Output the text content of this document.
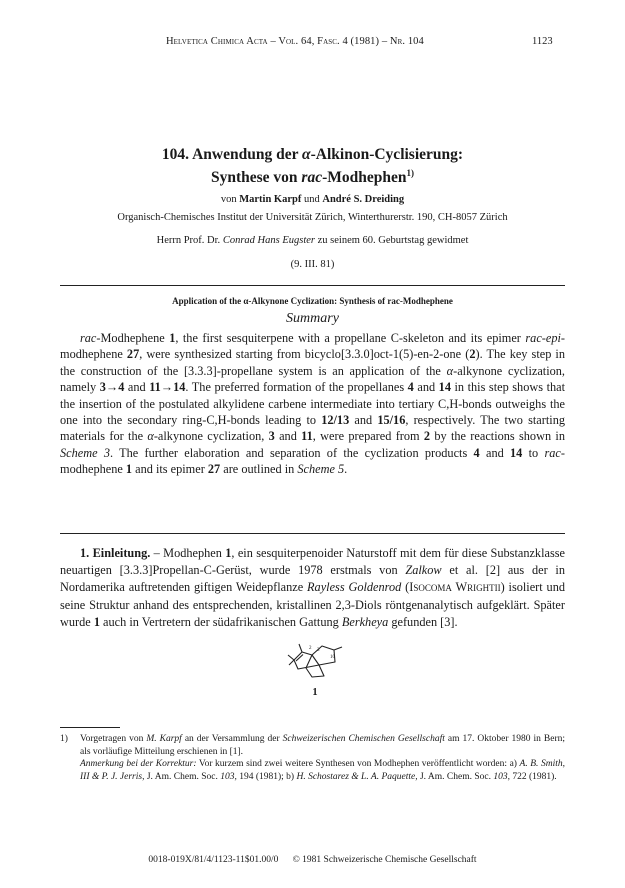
Helvetica Chimica Acta – Vol. 64, Fasc. 4 (1981) – Nr. 104	1123
104. Anwendung der α-Alkinon-Cyclisierung:
Synthese von rac-Modhephen$^{1)}$
von Martin Karpf und André S. Dreiding
Organisch-Chemisches Institut der Universität Zürich, Winterthurerstr. 190, CH-8057 Zürich
Herrn Prof. Dr. Conrad Hans Eugster zu seinem 60. Geburtstag gewidmet
(9. III. 81)
Application of the α-Alkynone Cyclization: Synthesis of rac-Modhephene
Summary

rac-Modhephene 1, the first sesquiterpene with a propellane C-skeleton and its epimer rac-epi-modhephene 27, were synthesized starting from bicyclo[3.3.0]oct-1(5)-en-2-one (2). The key step in the construction of the [3.3.3]-propellane system is an application of the α-alkynone cyclization, namely 3→4 and 11→14. The preferred formation of the propellanes 4 and 14 in this step shows that the insertion of the postulated alkylidene carbene intermediate into tertiary C,H-bonds outweighs the one into the secondary ring-C,H-bonds leading to 12/13 and 15/16, respectively. The two starting materials for the α-alkynone cyclization, 3 and 11, were prepared from 2 by the reactions shown in Scheme 3. The further elaboration and separation of the cyclization products 4 and 14 to rac-modhephene 1 and its epimer 27 are outlined in Scheme 5.

1. Einleitung. – Modhephen 1, ein sesquiterpenoider Naturstoff mit dem für diese Substanzklasse neuartigen [3.3.3]Propellan-C-Gerüst, wurde 1978 erstmals von Zalkow et al. [2] aus der in Nordamerika auftretenden giftigen Weidepflanze Rayless Goldenrod (Isocoma Wrightii) isoliert und seine Struktur anhand des entsprechenden, kristallinen 2,3-Diols röntgenanalytisch aufgeklärt. Später wurde 1 auch in Vertretern der südafrikanischen Gattung Berkheya gefunden [3].

2 3
10
1
1) Vorgetragen von M. Karpf an der Versammlung der Schweizerischen Chemischen Gesellschaft am 17. Oktober 1980 in Bern; als vorläufige Mitteilung erschienen in [1].
Anmerkung bei der Korrektur: Vor kurzem sind zwei weitere Synthesen von Modhephen veröffentlicht worden: a) A. B. Smith, III & P. J. Jerris, J. Am. Chem. Soc. 103, 194 (1981); b) H. Schostarez & L. A. Paquette, J. Am. Chem. Soc. 103, 722 (1981).
0018-019X/81/4/1123-11$01.00/0 © 1981 Schweizerische Chemische Gesellschaft
